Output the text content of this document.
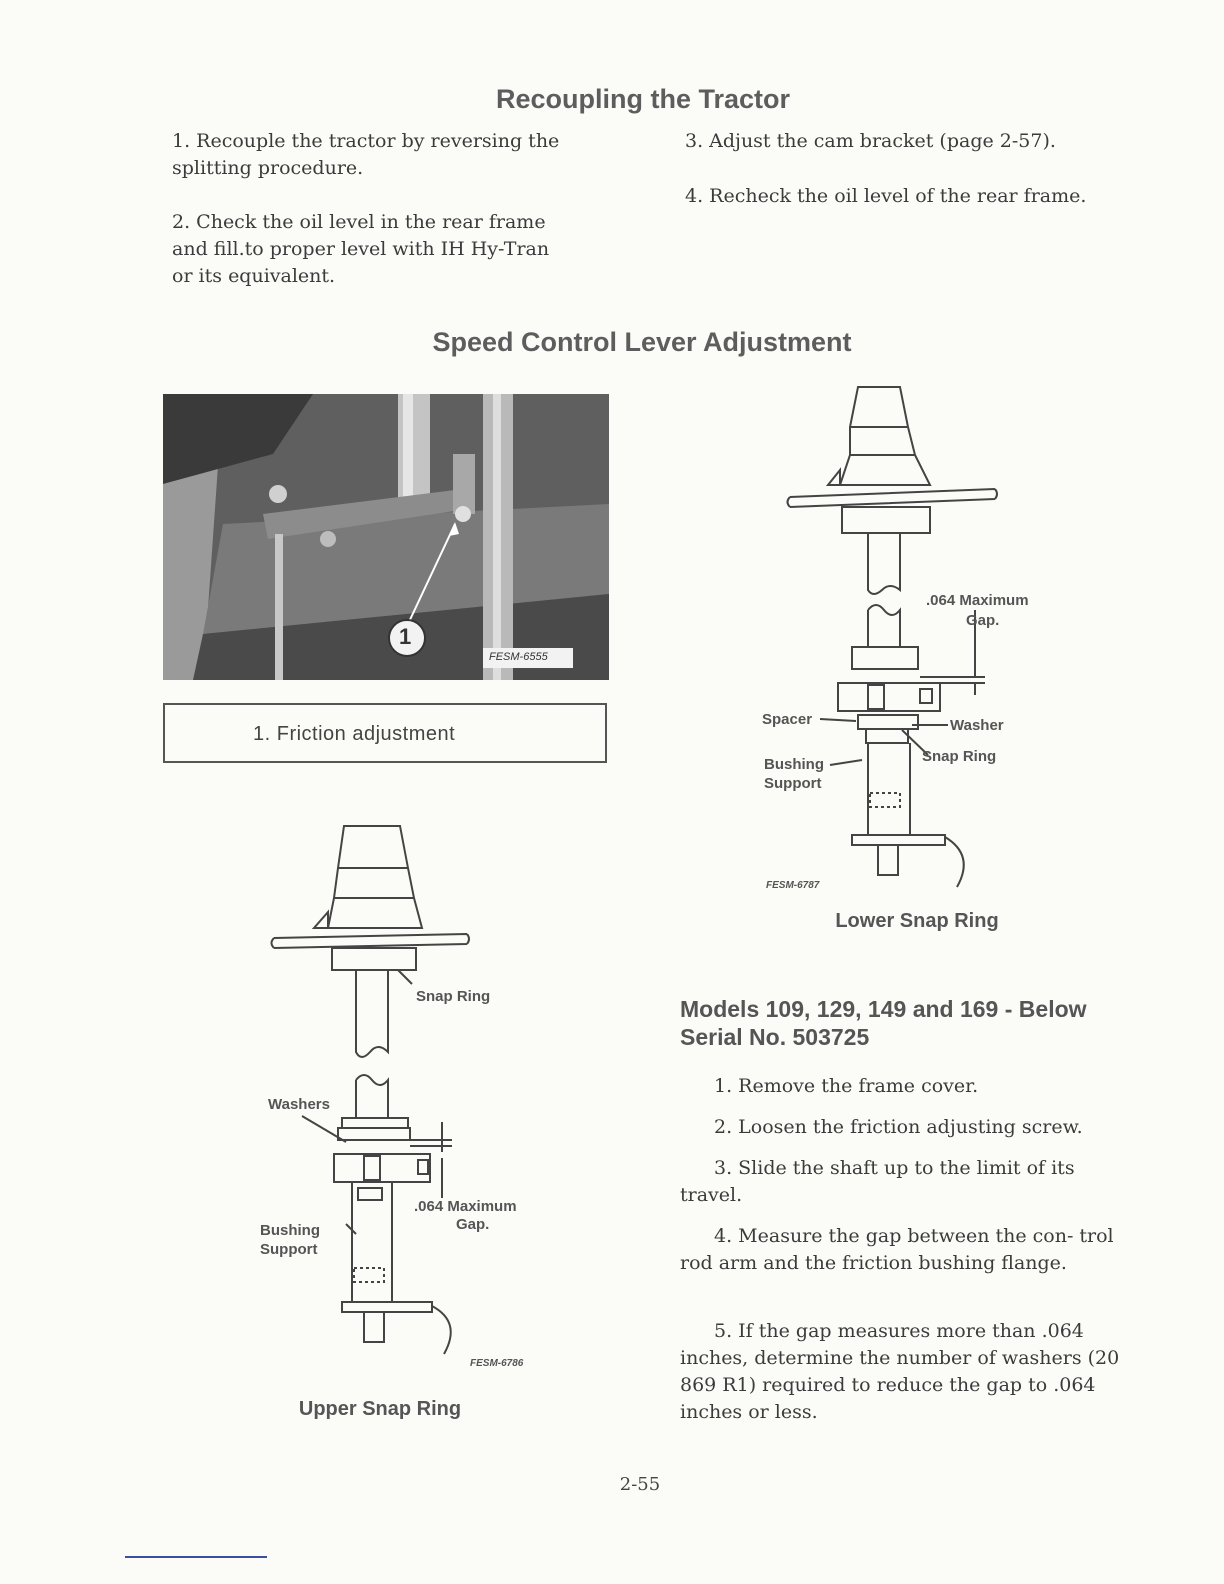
Recoupling the Tractor
1. Recouple the tractor by reversing the splitting procedure.
2. Check the oil level in the rear frame and fill.to proper level with IH Hy-Tran or its equivalent.
3. Adjust the cam bracket (page 2-57).
4. Recheck the oil level of the rear frame.
Speed Control Lever Adjustment
1
FESM-6555
1. Friction adjustment
.064 Maximum
Gap.
Spacer	Washer
Snap Ring
Bushing
Support
FESM-6787
Lower Snap Ring
Snap Ring
Washers
.064 Maximum
Gap.
Bushing
Support
FESM-6786
Upper Snap Ring
Models 109, 129, 149 and 169 - Below Serial No. 503725
1. Remove the frame cover.
2. Loosen the friction adjusting screw.
3. Slide the shaft up to the limit of its travel.
4. Measure the gap between the con- trol rod arm and the friction bushing flange.
5. If the gap measures more than .064 inches, determine the number of washers (20 869 R1) required to reduce the gap to .064 inches or less.
2-55
